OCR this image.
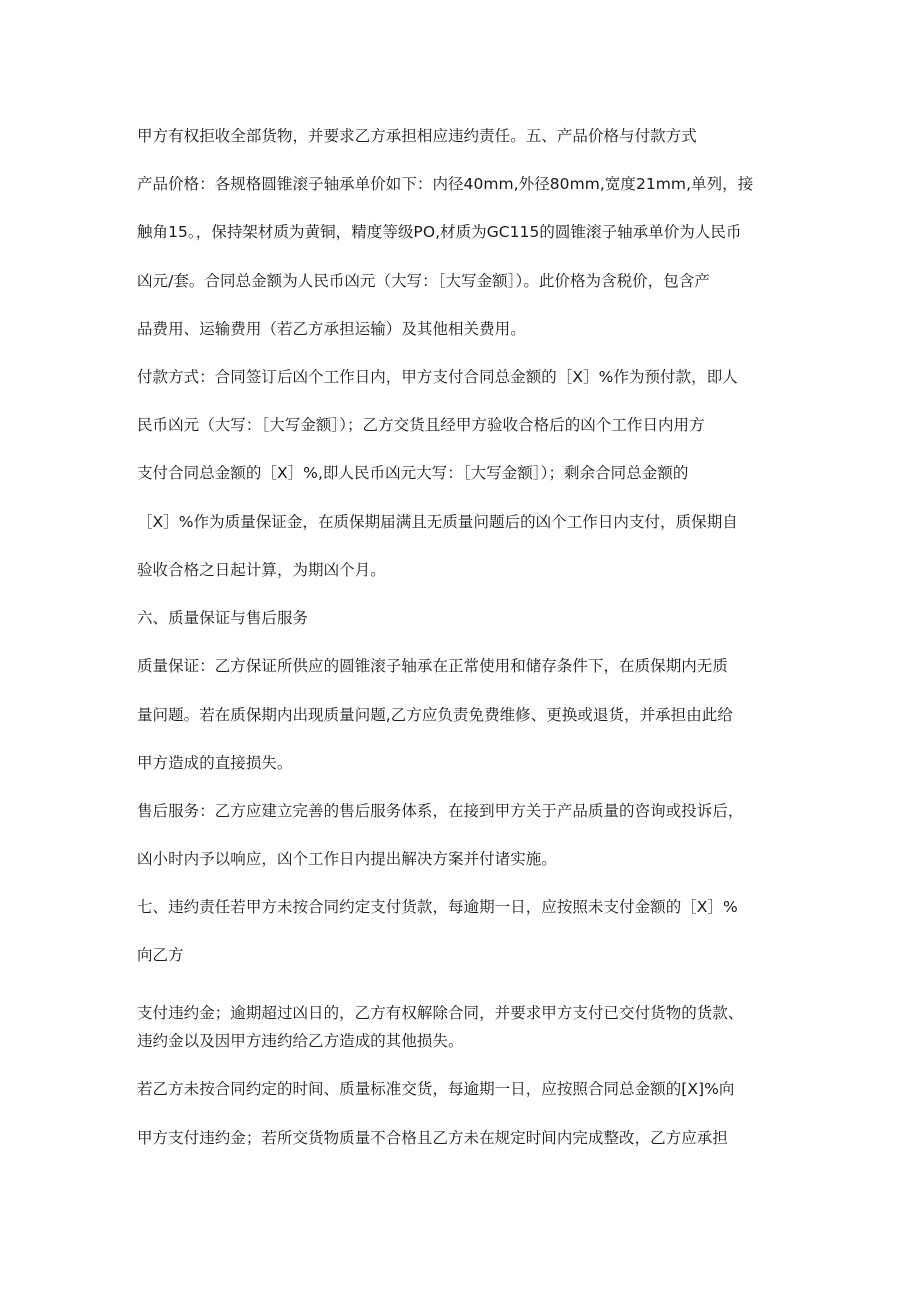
甲方有权拒收全部货物，并要求乙方承担相应违约责任。五、产品价格与付款方式

产品价格：各规格圆锥滚子轴承单价如下：内径40mm,外径80mm,宽度21mm,单列，接

触角15。，保持架材质为黄铜，精度等级PO,材质为GC115的圆锥滚子轴承单价为人民币

凶元/套。合同总金额为人民币凶元（大写：［大写金额］）。此价格为含税价，包含产

品费用、运输费用（若乙方承担运输）及其他相关费用。

付款方式：合同签订后凶个工作日内，甲方支付合同总金额的［X］%作为预付款，即人

民币凶元（大写：［大写金额］）；乙方交货且经甲方验收合格后的凶个工作日内用方

支付合同总金额的［X］%,即人民币凶元大写：［大写金额］）；剩余合同总金额的

［X］%作为质量保证金，在质保期届满且无质量问题后的凶个工作日内支付，质保期自

验收合格之日起计算，为期凶个月。

六、质量保证与售后服务

质量保证：乙方保证所供应的圆锥滚子轴承在正常使用和储存条件下，在质保期内无质

量问题。若在质保期内出现质量问题,乙方应负责免费维修、更换或退货，并承担由此给

甲方造成的直接损失。

售后服务：乙方应建立完善的售后服务体系，在接到甲方关于产品质量的咨询或投诉后，

凶小时内予以响应，凶个工作日内提出解决方案并付诸实施。

七、违约责任若甲方未按合同约定支付货款，每逾期一日，应按照未支付金额的［X］%

向乙方

支付违约金；逾期超过凶日的，乙方有权解除合同，并要求甲方支付已交付货物的货款、

违约金以及因甲方违约给乙方造成的其他损失。

若乙方未按合同约定的时间、质量标准交货，每逾期一日，应按照合同总金额的[X]%向

甲方支付违约金；若所交货物质量不合格且乙方未在规定时间内完成整改，乙方应承担
